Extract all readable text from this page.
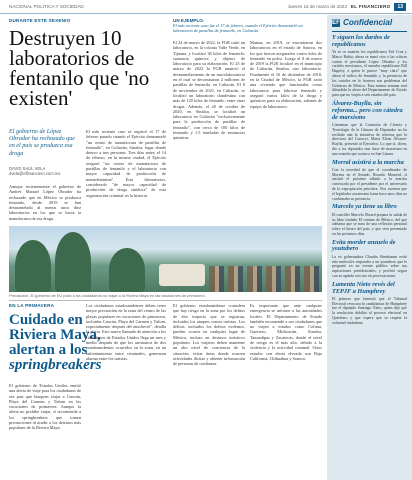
NACIONAL POLÍTICA Y SOCIEDAD	Jueves 16 de marzo de 2023 EL FINANCIERO	13
DURANTE ESTE SEXENIO
Destruyen 10 laboratorios de fentanilo que 'no existen'
UN EJEMPLO.
El más reciente caso fue el 17 de febrero, cuando el Ejército desmanteló un laboratorio de pastillas de fentanilo, en Culiacán.

El gobierno de López Obrador ha rechazado que en el país se produzca esa droga

DAVID SAÚL VELA
dvela@elfinanciero.com.mx

Aunque recientemente el gobierno de Andrés Manuel López Obrador ha rechazado que en México se produzca fentanilo, desde 2019 se han desmantelado al menos unos diez laboratorios en los que se hacía la manufactura de esa droga.

El más reciente caso se registró el 17 de febrero pasado cuando el Ejército desmanteló "un centro de manufactura de pastillas de fentanilo", en Culiacán, Sinaloa, lugar donde detuvo a tres personas. Tres días antes, el 14 de febrero, en la misma ciudad, el Ejército aseguró "un centro de manufactura de pastillas de fentanilo y el laboratorio con mayor capacidad de producción de metanfetamina". Esta laboratorios, considerado "de mayor capacidad de producción de droga sintética" de esta organización criminal en la historia.

El 24 de marzo de 2022, la FGR catió un laboratorio, en la colonia Valle Verde, en Tijuana, y localizó 38 kilos de fentanilo, sustancia química y objetos de laboratorio para su elaboración. El 25 de marzo de 2022 la FGR anunció el desmantelamiento de un narcolaboratorio en el cual se decomisaron 2 millones de pastillas de fentanilo, en Culiacán. El 8 de noviembre de 2021, en Culiacán, se localizó un laboratorio clandestino con más de 120 kilos de fentanilo, entre otras drogas. Además, el 20 de octubre de 2020, en Sinaloa, se localizó un laboratorio en Culiacán "exclusivamente para la producción de pastillas de fentanilo", con cerca de 100 kilos de fentanilo y 1.5 toneladas de sustancias químicas.

Marina, en 2019, se encontraron dos laboratorios en el estado de Sonora, en los que fueron asegurados varios kilos de fentanilo en polvo. Luego el 8 de marzo de 2019 la FGR localizó en el municipio de Culiacán, Sinaloa, otro laboratorio. Finalmente el 16 de diciembre de 2018, en la Ciudad de México, la FGR catió una vivienda que funcionaba como laboratorio para fabricar fentanilo y aseguró varios kilos de la droga y químicos para su elaboración, además de equipo de laboratorio.

Precaución. El gobierno de EU pidió a los ciudadanos no viajar a la Riviera Maya en las vacaciones de primavera.

EN LA PRIMAVERA
Cuidado en Riviera Maya, alertan a los springbreakers

El gobierno de Estados Unidos emitió una alerta de viaje para los ciudadanos de ese país que busquen viajar a Cancún, Playa del Carmen y Tulum en las vacaciones de primavera. Aunque la alerta no prohíbe viajar, sí recomienda a los springbreakers que tomen precauciones al acudir a los destinos más populares de la Riviera Maya.

Los ciudadanos estadounidenses deben tener mayor precaución en la zona del centro de las playas populares en vacaciones de primavera, incluidas Cancún, Playa del Carmen y Tulum, especialmente después del anochecer", detalla la alerta. Este nuevo llamado de atención a los ciudadanos de Estados Unidos llega un mes y medio después de que los asesinatos de dos estadounidenses ocurridos en la zona, en un enfrentamiento entre criminales, generaran alarma entre los turistas.

El gobierno estadounidense considera que hay riesgo en la zona por los delitos de alto impacto que se registran, incluidos los ataques contra turistas. Los delitos, incluidos los delitos violentos, pueden ocurrir en cualquier lugar de México, incluso en destinos turísticos populares. Los viajeros deben mantener un alto nivel de conciencia de la situación, evitar áreas donde ocurren actividades ilícitas y obtener información de personas de confianza.

Es importante que ante cualquier emergencia se informe a las autoridades locales. El Departamento de Estado también recomendó a sus ciudadanos que no viajen a estados como Colima, Guerrero, Michoacán, Sinaloa, Tamaulipas y Zacatecas, donde el nivel de riesgo es el más alto, debido a la violencia y la actividad criminal. Otros estados con alerta elevada son Baja California, Chihuahua y Sonora.

EF Confidencial
Y siguen los dardos de republicanos

Ya se os mueren los republicanos Ted Cruz y Marco Rubio; ahora se sumó otro a las críticas contra el presidente López Obrador y los carteles mexicanos, el senador republicano Bill Hagerty, a quien le parece "muy claro" que ahora el tráfico de fentanilo y la presencia de los carteles en la frontera son problemas del Gobierno de México. Esta misma semana será difundida la alerta del Departamento de Estado para que no viajen a seis estados del país.

Álvarez-Buylla, sin reforma... pero con cátedra de marxismo

Comentan que la Comisión de Ciencia y Tecnología de la Cámara de Diputados no ha recibido aún la iniciativa de reforma que la directora del Conacyt, María Elena Álvarez-Buylla, presentó al Ejecutivo. Lo que sí, dicen, dio a los diputados una clase de marxismo en una reunión que sostuvo en San Lázaro.

Morral asistirá a la marcha

Con la novedad de que el coordinador de Morena en el Senado, Ricardo Monreal, sí asistirá el próximo sábado a la marcha convocada por el presidente por el aniversario de la expropiación petrolera. Nos cuentan que el legislador zacatecano hasta hace unos días no confirmaba su presencia.

Marcelo ya tiene su libro

El canciller Marcelo Ebrard prepara la salida de su libro titulado El camino de México, del que adelanta que se trata de una reflexión personal sobre el futuro del país, y que será presentado en los próximos días.

Evita morder anzuelo de youtubero

La ex gobernadora Claudia Sheinbaum evitó este miércoles responder a un youtubero que le preguntó en un evento público sobre sus aspiraciones presidenciales, y prefirió seguir con su agenda sin caer en provocaciones.

Lamenta Nieto revés del TEPJF a Humphrey

El primero que lamentó que el Tribunal Electoral revocara la candidatura de Humphrey fue el diputado Santiago Nieto, quien dijo que la resolución debilita al proceso electoral en Querétaro y que espera que se respete la voluntad ciudadana.
